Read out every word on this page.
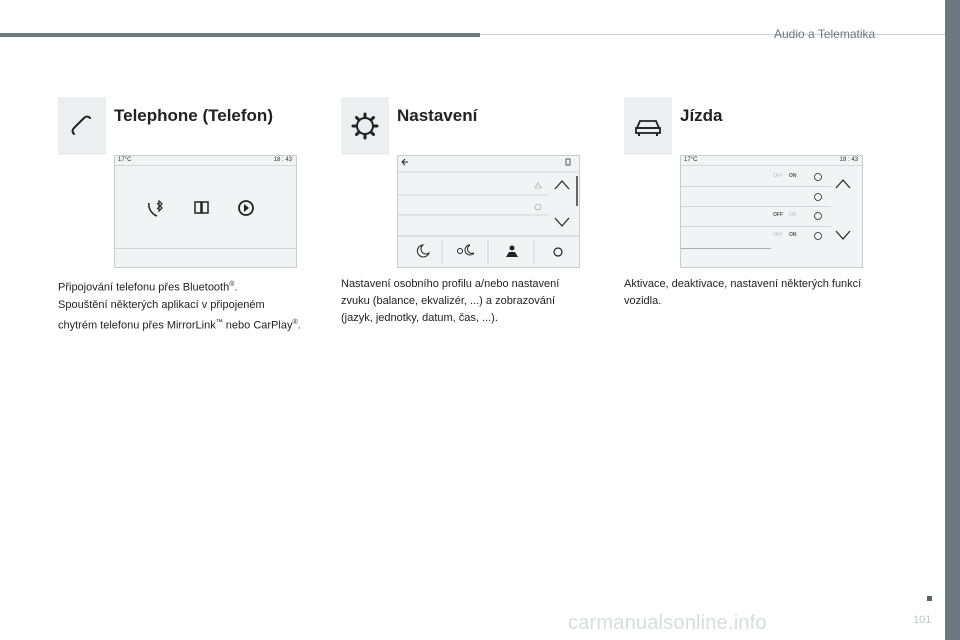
Audio a Telematika
Telephone (Telefon)
17°C	18 : 43
Připojování telefonu přes Bluetooth®.
Spouštění některých aplikací v připojeném chytrém telefonu přes MirrorLink™ nebo CarPlay®.
Nastavení
Nastavení osobního profilu a/nebo nastavení zvuku (balance, ekvalizér, ...) a zobrazování (jazyk, jednotky, datum, čas, ...).
Jízda
17°C	18 : 43
OFF ON
OFF ON
OFF ON
Aktivace, deaktivace, nastavení některých funkcí vozidla.
101
carmanualsonline.info
